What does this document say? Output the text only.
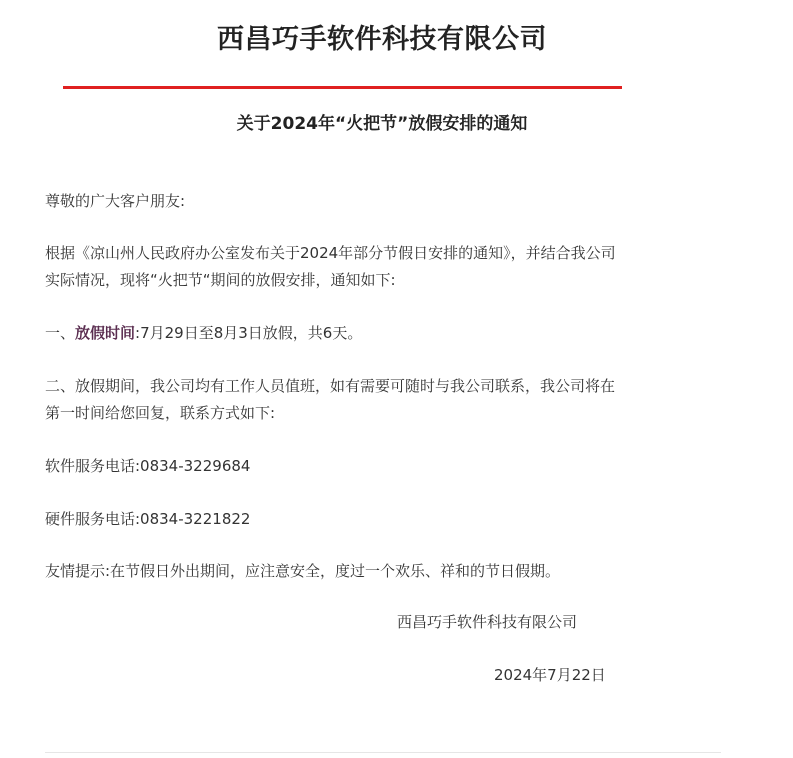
西昌巧手软件科技有限公司
关于2024年“火把节”放假安排的通知

尊敬的广大客户朋友:

根据《凉山州人民政府办公室发布关于2024年部分节假日安排的通知》，并结合我公司
实际情况，现将“火把节“期间的放假安排，通知如下:

一、放假时间:7月29日至8月3日放假，共6天。

二、放假期间，我公司均有工作人员值班，如有需要可随时与我公司联系，我公司将在
第一时间给您回复，联系方式如下:

软件服务电话:0834-3229684

硬件服务电话:0834-3221822

友情提示:在节假日外出期间，应注意安全，度过一个欢乐、祥和的节日假期。

西昌巧手软件科技有限公司
2024年7月22日
